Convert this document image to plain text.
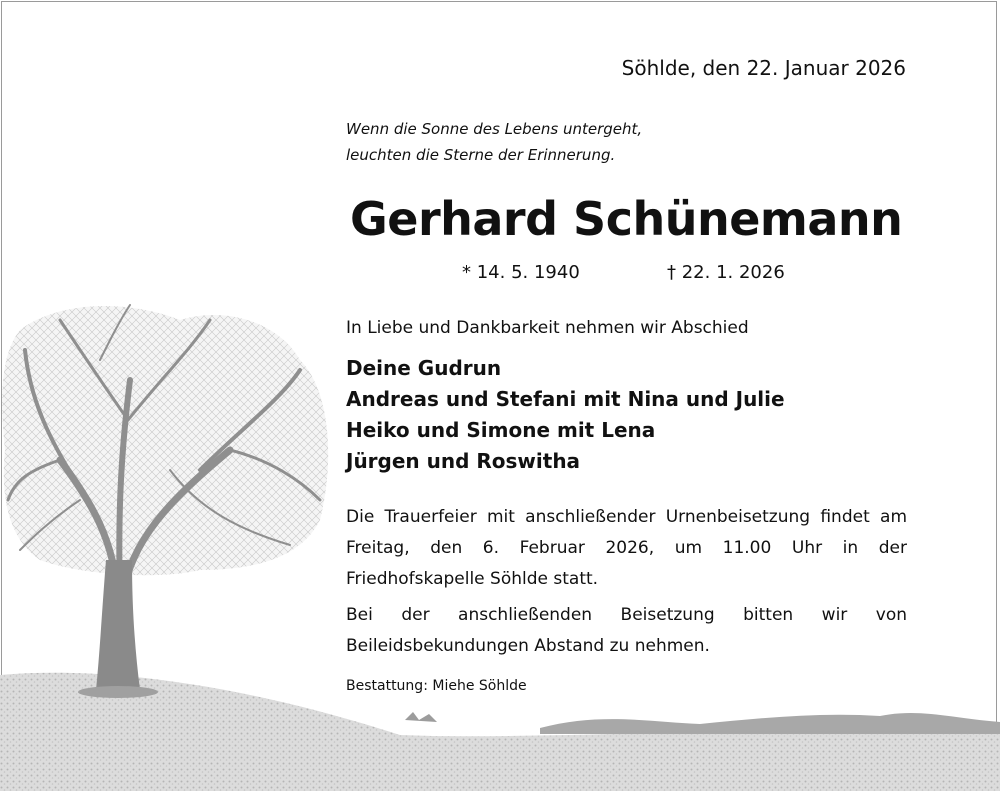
Söhlde, den 22. Januar 2026
Wenn die Sonne des Lebens untergeht,
leuchten die Sterne der Erinnerung.
Gerhard Schünemann
* 14. 5. 1940	† 22. 1. 2026
In Liebe und Dankbarkeit nehmen wir Abschied
Deine Gudrun
Andreas und Stefani mit Nina und Julie
Heiko und Simone mit Lena
Jürgen und Roswitha
Die Trauerfeier mit anschließender Urnenbeisetzung findet am Freitag, den 6. Februar 2026, um 11.00 Uhr in der Friedhofskapelle Söhlde statt.
Bei der anschließenden Beisetzung bitten wir von Beileidsbekundungen Abstand zu nehmen.
Bestattung: Miehe Söhlde
